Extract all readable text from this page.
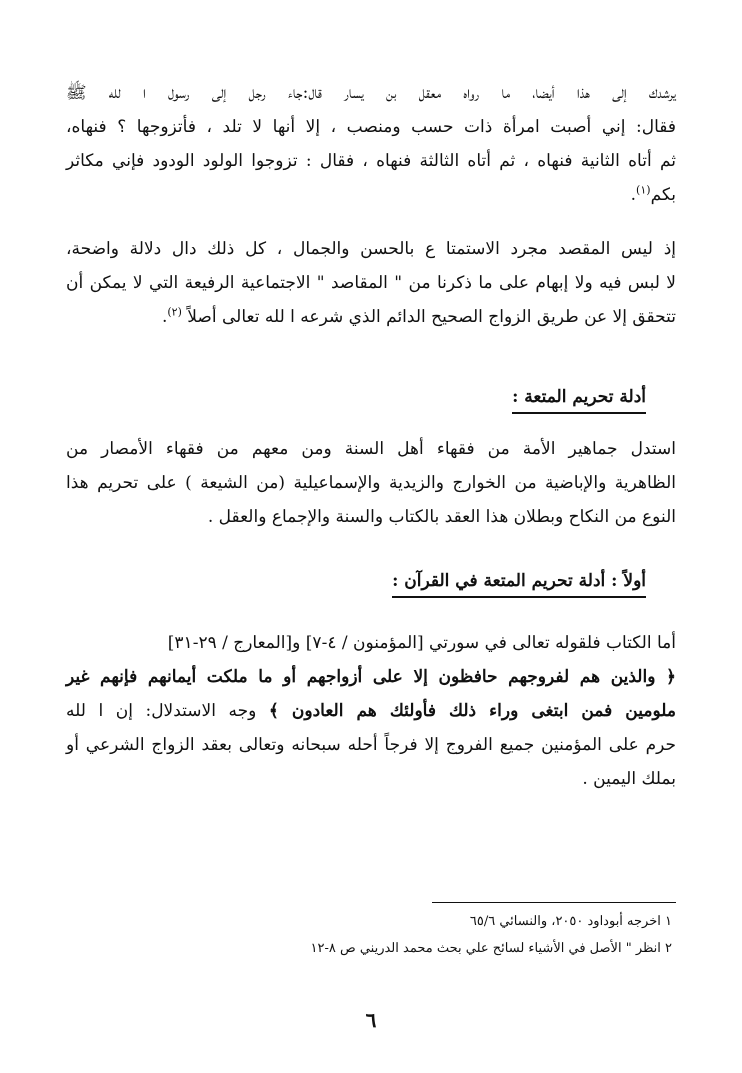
يرشدك إلى هذا أيضا، ما رواه معقل بن يسار قال:جاء رجل إلى رسول ا لله ﷺ
فقال: إني أصبت امرأة ذات حسب ومنصب ، إلا أنها لا تلد ، فأتزوجها ؟ فنهاه،
ثم أتاه الثانية فنهاه ، ثم أتاه الثالثة فنهاه ، فقال : تزوجوا الولود الودود فإني مكاثر
بكم$^{(١)}$.
إذ ليس المقصد مجرد الاستمتا ع بالحسن والجمال ، كل ذلك دال دلالة واضحة،
لا لبس فيه ولا إبهام على ما ذكرنا من " المقاصد " الاجتماعية الرفيعة التي لا يمكن أن
تتحقق إلا عن طريق الزواج الصحيح الدائم الذي شرعه ا لله تعالى أصلاً $^{(٢)}$.
أدلة تحريم المتعة :
استدل جماهير الأمة من فقهاء أهل السنة ومن معهم من فقهاء الأمصار من
الظاهرية والإباضية من الخوارج والزيدية والإسماعيلية (من الشيعة ) على تحريم هذا
النوع من النكاح وبطلان هذا العقد بالكتاب والسنة والإجماع والعقل .
أولاً : أدلة تحريم المتعة في القرآن :
أما الكتاب فلقوله تعالى في سورتي [المؤمنون / ٤-٧] و[المعارج / ٢٩-٣١]
﴿ والذين هم لفروجهم حافظون إلا على أزواجهم أو ما ملكت أيمانهم فإنهم غير
ملومين فمن ابتغى وراء ذلك فأولئك هم العادون ﴾ وجه الاستدلال: إن ا لله
حرم على المؤمنين جميع الفروج إلا فرجاً أحله سبحانه وتعالى بعقد الزواج الشرعي أو
بملك اليمين .
١ اخرجه أبوداود ٢٠٥٠، والنسائي ٦٥/٦
٢ انظر " الأصل في الأشياء لسائح علي بحث محمد الدريني ص ٨-١٢
٦
